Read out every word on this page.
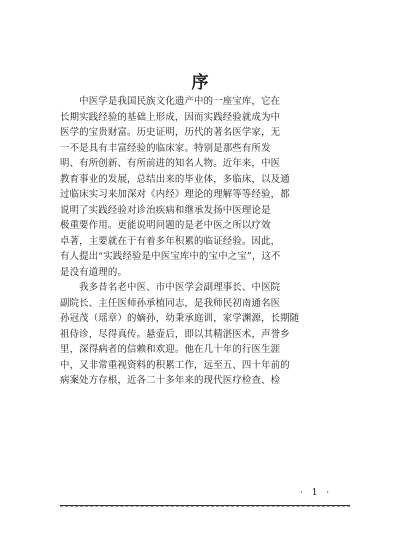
序

　　中医学是我国民族文化遗产中的一座宝库，它在

长期实践经验的基础上形成，因而实践经验就成为中

医学的宝贵财富。历史证明，历代的著名医学家，无

一不是具有丰富经验的临床家。特别是那些有所发

明、有所创新、有所前进的知名人物。近年来，中医

教育事业的发展，总结出来的毕业体，多临床，以及通

过临床实习来加深对《内经》理论的理解等等经验，都

说明了实践经验对诊治疾病和继承发扬中医理论是

极重要作用。更能说明问题的是老中医之所以疗效

卓著，主要就在于有着多年积累的临证经验。因此，

有人提出“实践经验是中医宝库中的宝中之宝”，这不

是没有道理的。

　　我多昔名老中医、市中医学会副理事长、中医院

副院长、主任医师孙承植同志，是我师民初南通名医

孙冠茂（瑶章）的嫡孙，幼秉承庭训，家学渊源，长期随

祖侍诊，尽得真传。悬壶后，即以其精湛医术，声誉乡

里，深得病者的信赖和欢迎。他在几十年的行医生涯

中，又非常重视资料的积累工作，远至五、四十年前的

病案处方存根，近各二十多年来的现代医疗检查、检

· 1 ·
